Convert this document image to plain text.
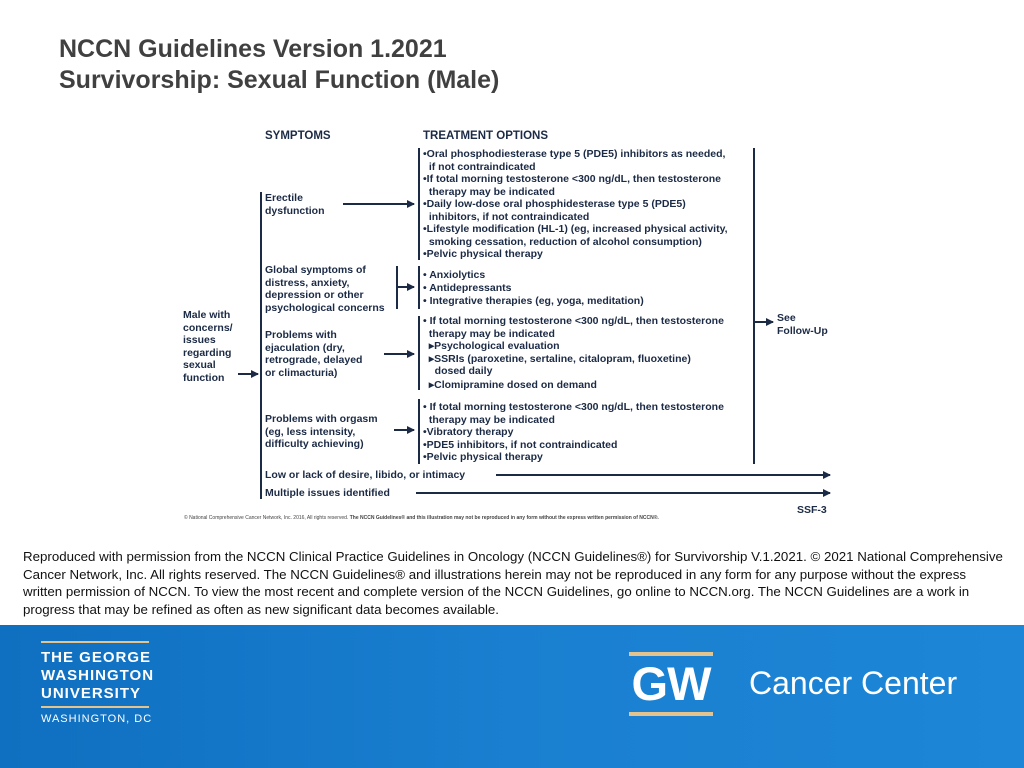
NCCN Guidelines Version 1.2021
Survivorship: Sexual Function (Male)
SYMPTOMS	TREATMENT OPTIONS
Male with
concerns/
issues
regarding
sexual
function
Erectile
dysfunction
Global symptoms of
distress, anxiety,
depression or other
psychological concerns
Problems with
ejaculation (dry,
retrograde, delayed
or climacturia)
Problems with orgasm
(eg, less intensity,
difficulty achieving)
Low or lack of desire, libido, or intimacy
Multiple issues identified
•Oral phosphodiesterase type 5 (PDE5) inhibitors as needed,
if not contraindicated
•If total morning testosterone <300 ng/dL, then testosterone
therapy may be indicated
•Daily low-dose oral phosphidesterase type 5 (PDE5)
inhibitors, if not contraindicated
•Lifestyle modification (HL-1) (eg, increased physical activity,
smoking cessation, reduction of alcohol consumption)
•Pelvic physical therapy
• Anxiolytics
• Antidepressants
• Integrative therapies (eg, yoga, meditation)
• If total morning testosterone <300 ng/dL, then testosterone
therapy may be indicated
▸Psychological evaluation
▸SSRIs (paroxetine, sertaline, citalopram, fluoxetine)
dosed daily
▸Clomipramine dosed on demand
• If total morning testosterone <300 ng/dL, then testosterone
therapy may be indicated
•Vibratory therapy
•PDE5 inhibitors, if not contraindicated
•Pelvic physical therapy
See
Follow-Up
SSF-3
© National Comprehensive Cancer Network, Inc. 2016, All rights reserved. The NCCN Guidelines® and this illustration may not be reproduced in any form without the express written permission of NCCN®.
Reproduced with permission from the NCCN Clinical Practice Guidelines in Oncology (NCCN Guidelines®) for Survivorship V.1.2021. © 2021 National Comprehensive Cancer Network, Inc. All rights reserved. The NCCN Guidelines® and illustrations herein may not be reproduced in any form for any purpose without the express written permission of NCCN. To view the most recent and complete version of the NCCN Guidelines, go online to NCCN.org. The NCCN Guidelines are a work in progress that may be refined as often as new significant data becomes available.
THE GEORGE
WASHINGTON
UNIVERSITY
WASHINGTON, DC
GW Cancer Center
